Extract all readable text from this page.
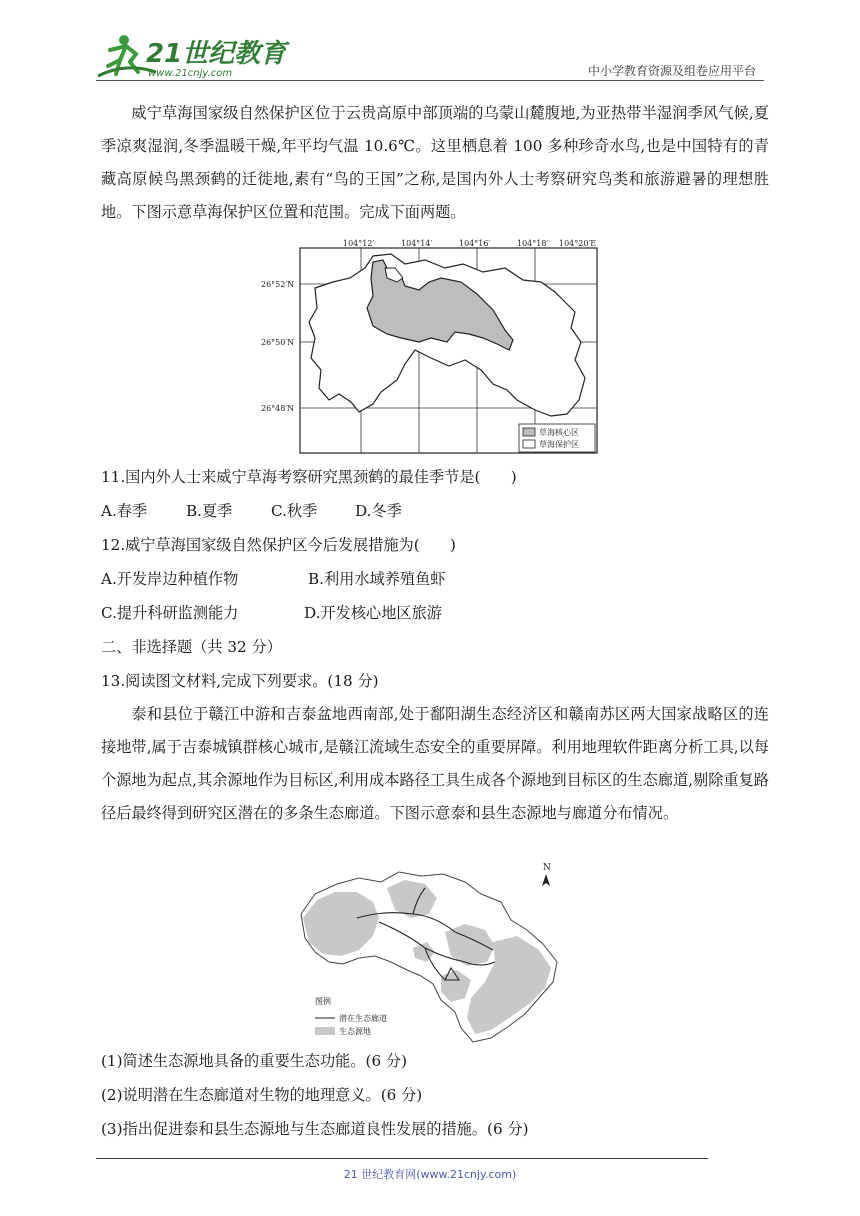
21世纪教育
www.21cnjy.com	中小学教育资源及组卷应用平台
威宁草海国家级自然保护区位于云贵高原中部顶端的乌蒙山麓腹地,为亚热带半湿润季风气候,夏季凉爽湿润,冬季温暖干燥,年平均气温 10.6℃。这里栖息着 100 多种珍奇水鸟,也是中国特有的青藏高原候鸟黑颈鹤的迁徙地,素有“鸟的王国”之称,是国内外人士考察研究鸟类和旅游避暑的理想胜地。下图示意草海保护区位置和范围。完成下面两题。
104°12′	104°14′	104°16′	104°18′ 104°20′E
26°52′N
26°50′N
26°48′N
草海核心区
草海保护区
11.国内外人士来威宁草海考察研究黑颈鹤的最佳季节是(　　)
A.春季	B.夏季	C.秋季 D.冬季
12.威宁草海国家级自然保护区今后发展措施为(　　)
A.开发岸边种植作物	B.利用水域养殖鱼虾
C.提升科研监测能力	D.开发核心地区旅游
二、非选择题（共 32 分）
13.阅读图文材料,完成下列要求。(18 分)
泰和县位于赣江中游和吉泰盆地西南部,处于鄱阳湖生态经济区和赣南苏区两大国家战略区的连接地带,属于吉泰城镇群核心城市,是赣江流域生态安全的重要屏障。利用地理软件距离分析工具,以每个源地为起点,其余源地作为目标区,利用成本路径工具生成各个源地到目标区的生态廊道,剔除重复路径后最终得到研究区潜在的多条生态廊道。下图示意泰和县生态源地与廊道分布情况。
N
图例
潜在生态廊道
生态源地
(1)简述生态源地具备的重要生态功能。(6 分)
(2)说明潜在生态廊道对生物的地理意义。(6 分)
(3)指出促进泰和县生态源地与生态廊道良性发展的措施。(6 分)
21 世纪教育网(www.21cnjy.com)
